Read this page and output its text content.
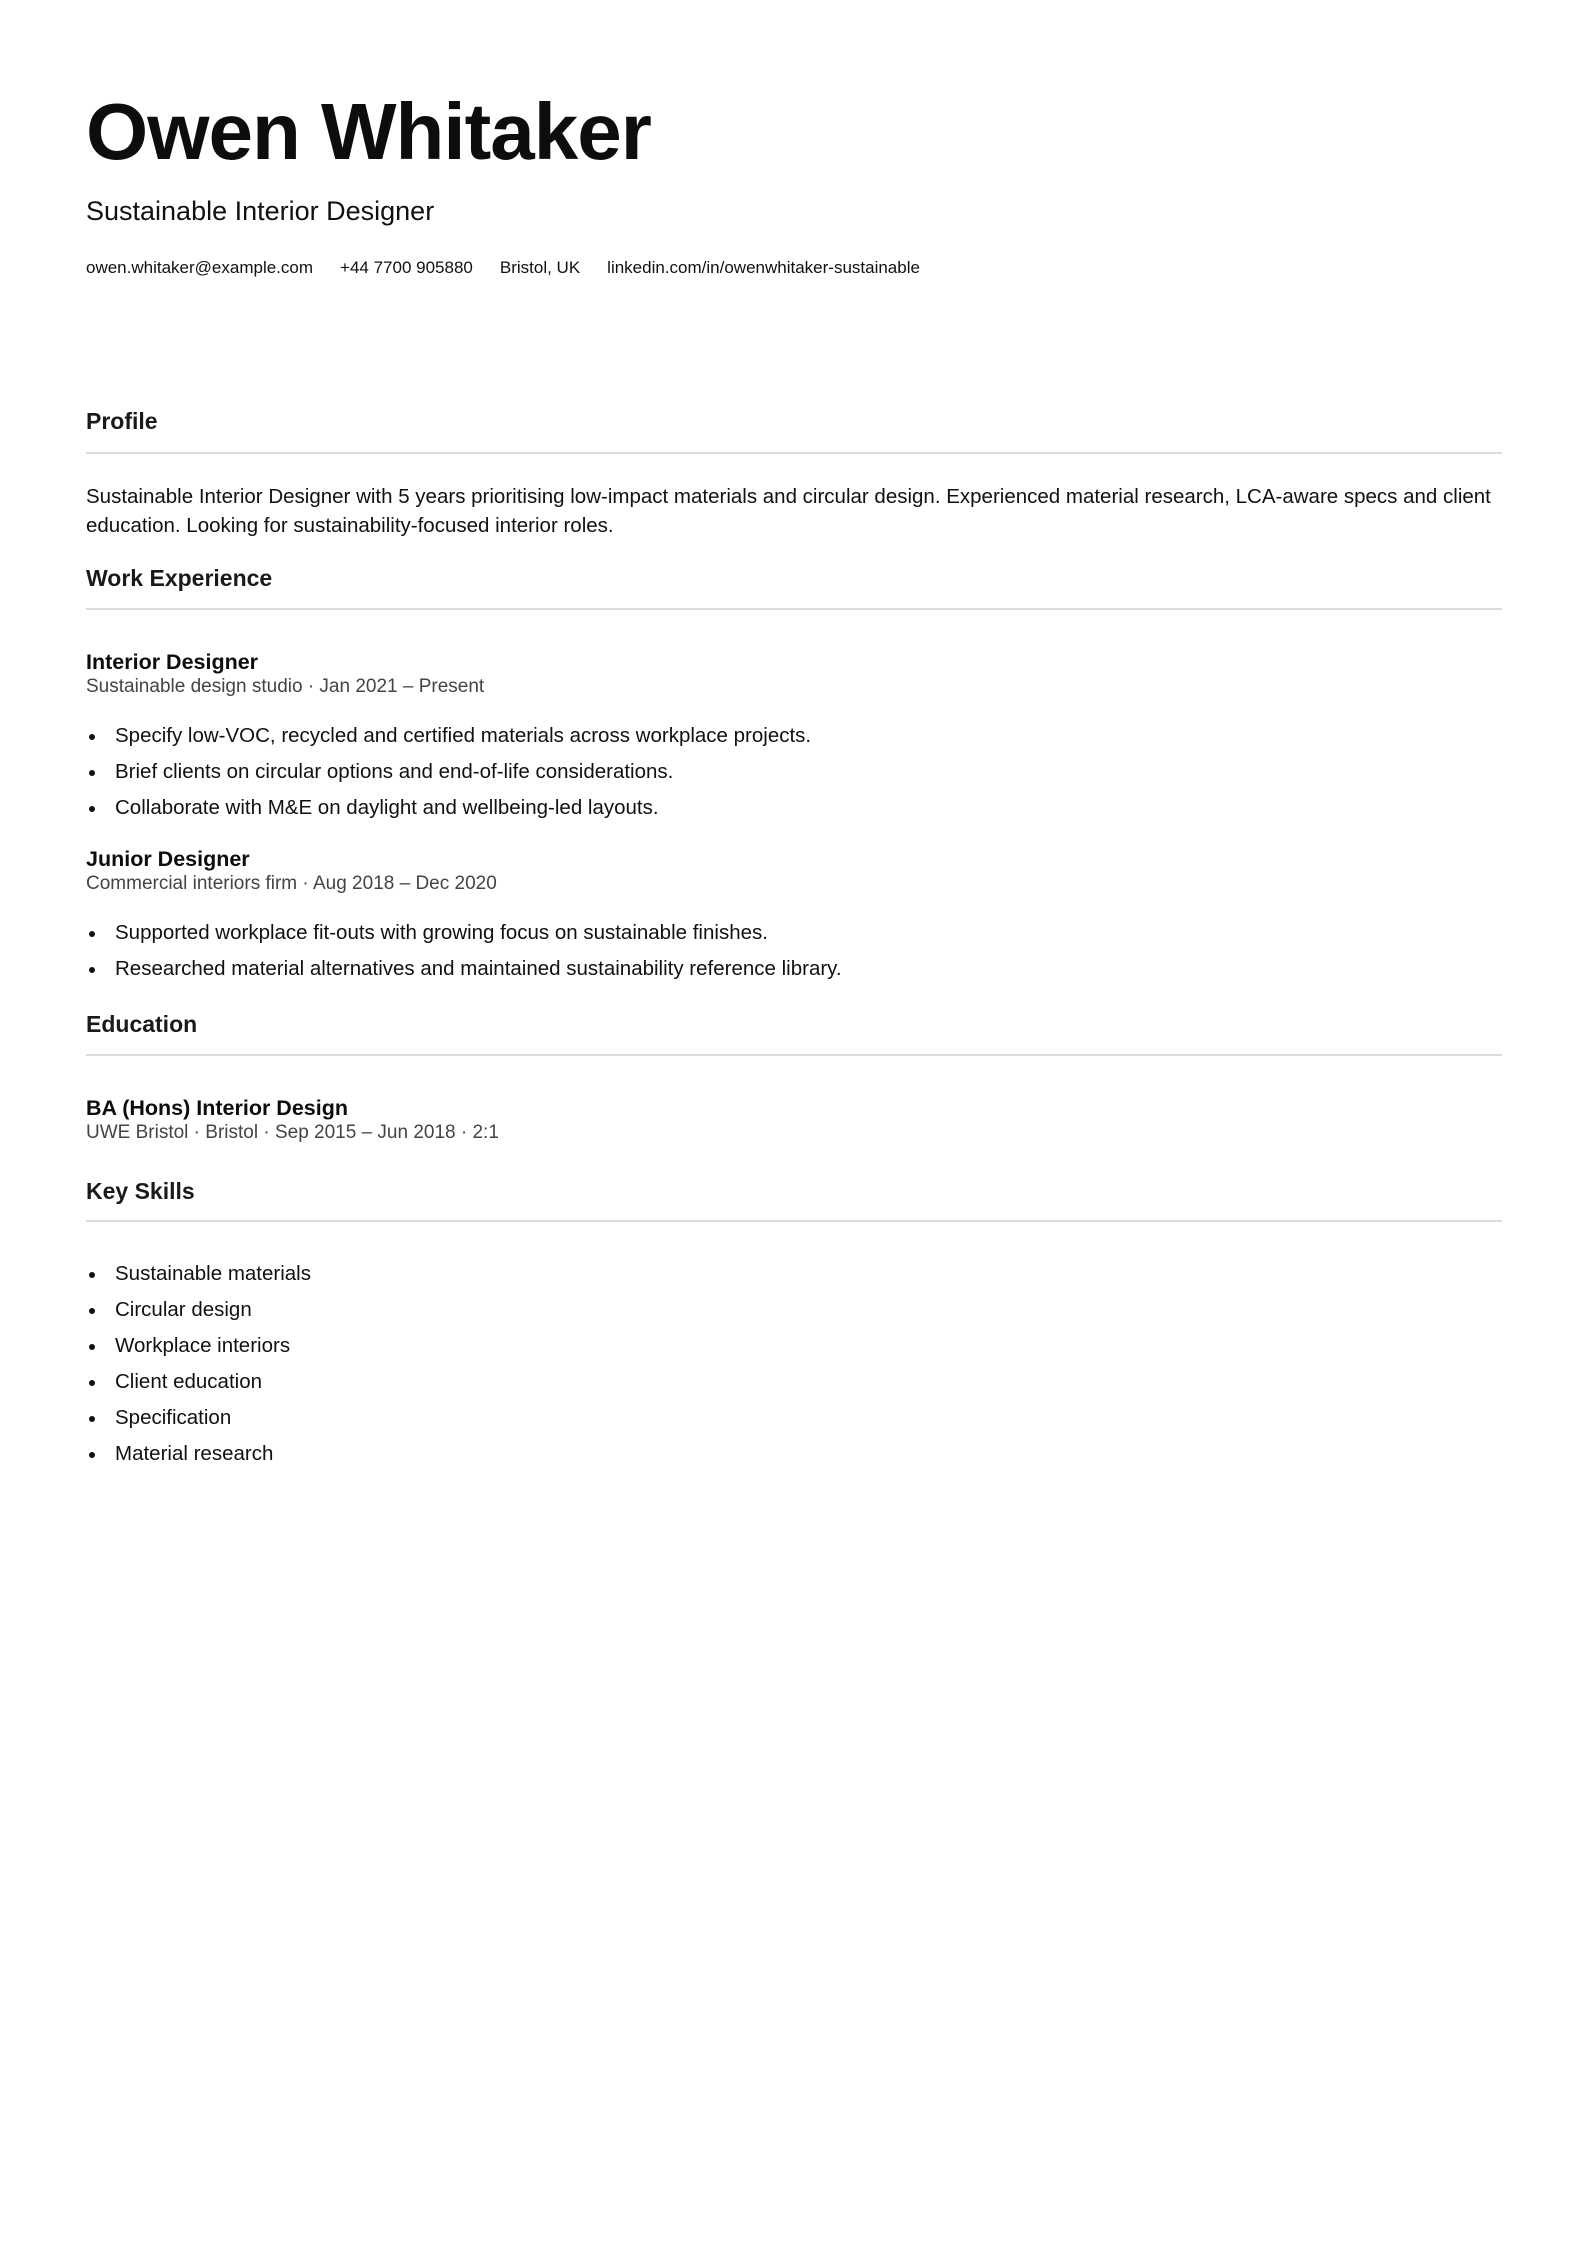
Owen Whitaker

Sustainable Interior Designer

owen.whitaker@example.com +44 7700 905880 Bristol, UK linkedin.com/in/owenwhitaker-sustainable
Profile

Sustainable Interior Designer with 5 years prioritising low-impact materials and circular design. Experienced material research, LCA-aware specs and client education. Looking for sustainability-focused interior roles.

Work Experience
Interior Designer

Sustainable design studio · Jan 2021 – Present

Specify low-VOC, recycled and certified materials across workplace projects.
Brief clients on circular options and end-of-life considerations.
Collaborate with M&E on daylight and wellbeing-led layouts.
Junior Designer

Commercial interiors firm · Aug 2018 – Dec 2020

Supported workplace fit-outs with growing focus on sustainable finishes.
Researched material alternatives and maintained sustainability reference library.
Education
BA (Hons) Interior Design

UWE Bristol · Bristol · Sep 2015 – Jun 2018 · 2:1

Key Skills
Sustainable materials
Circular design
Workplace interiors
Client education
Specification
Material research
